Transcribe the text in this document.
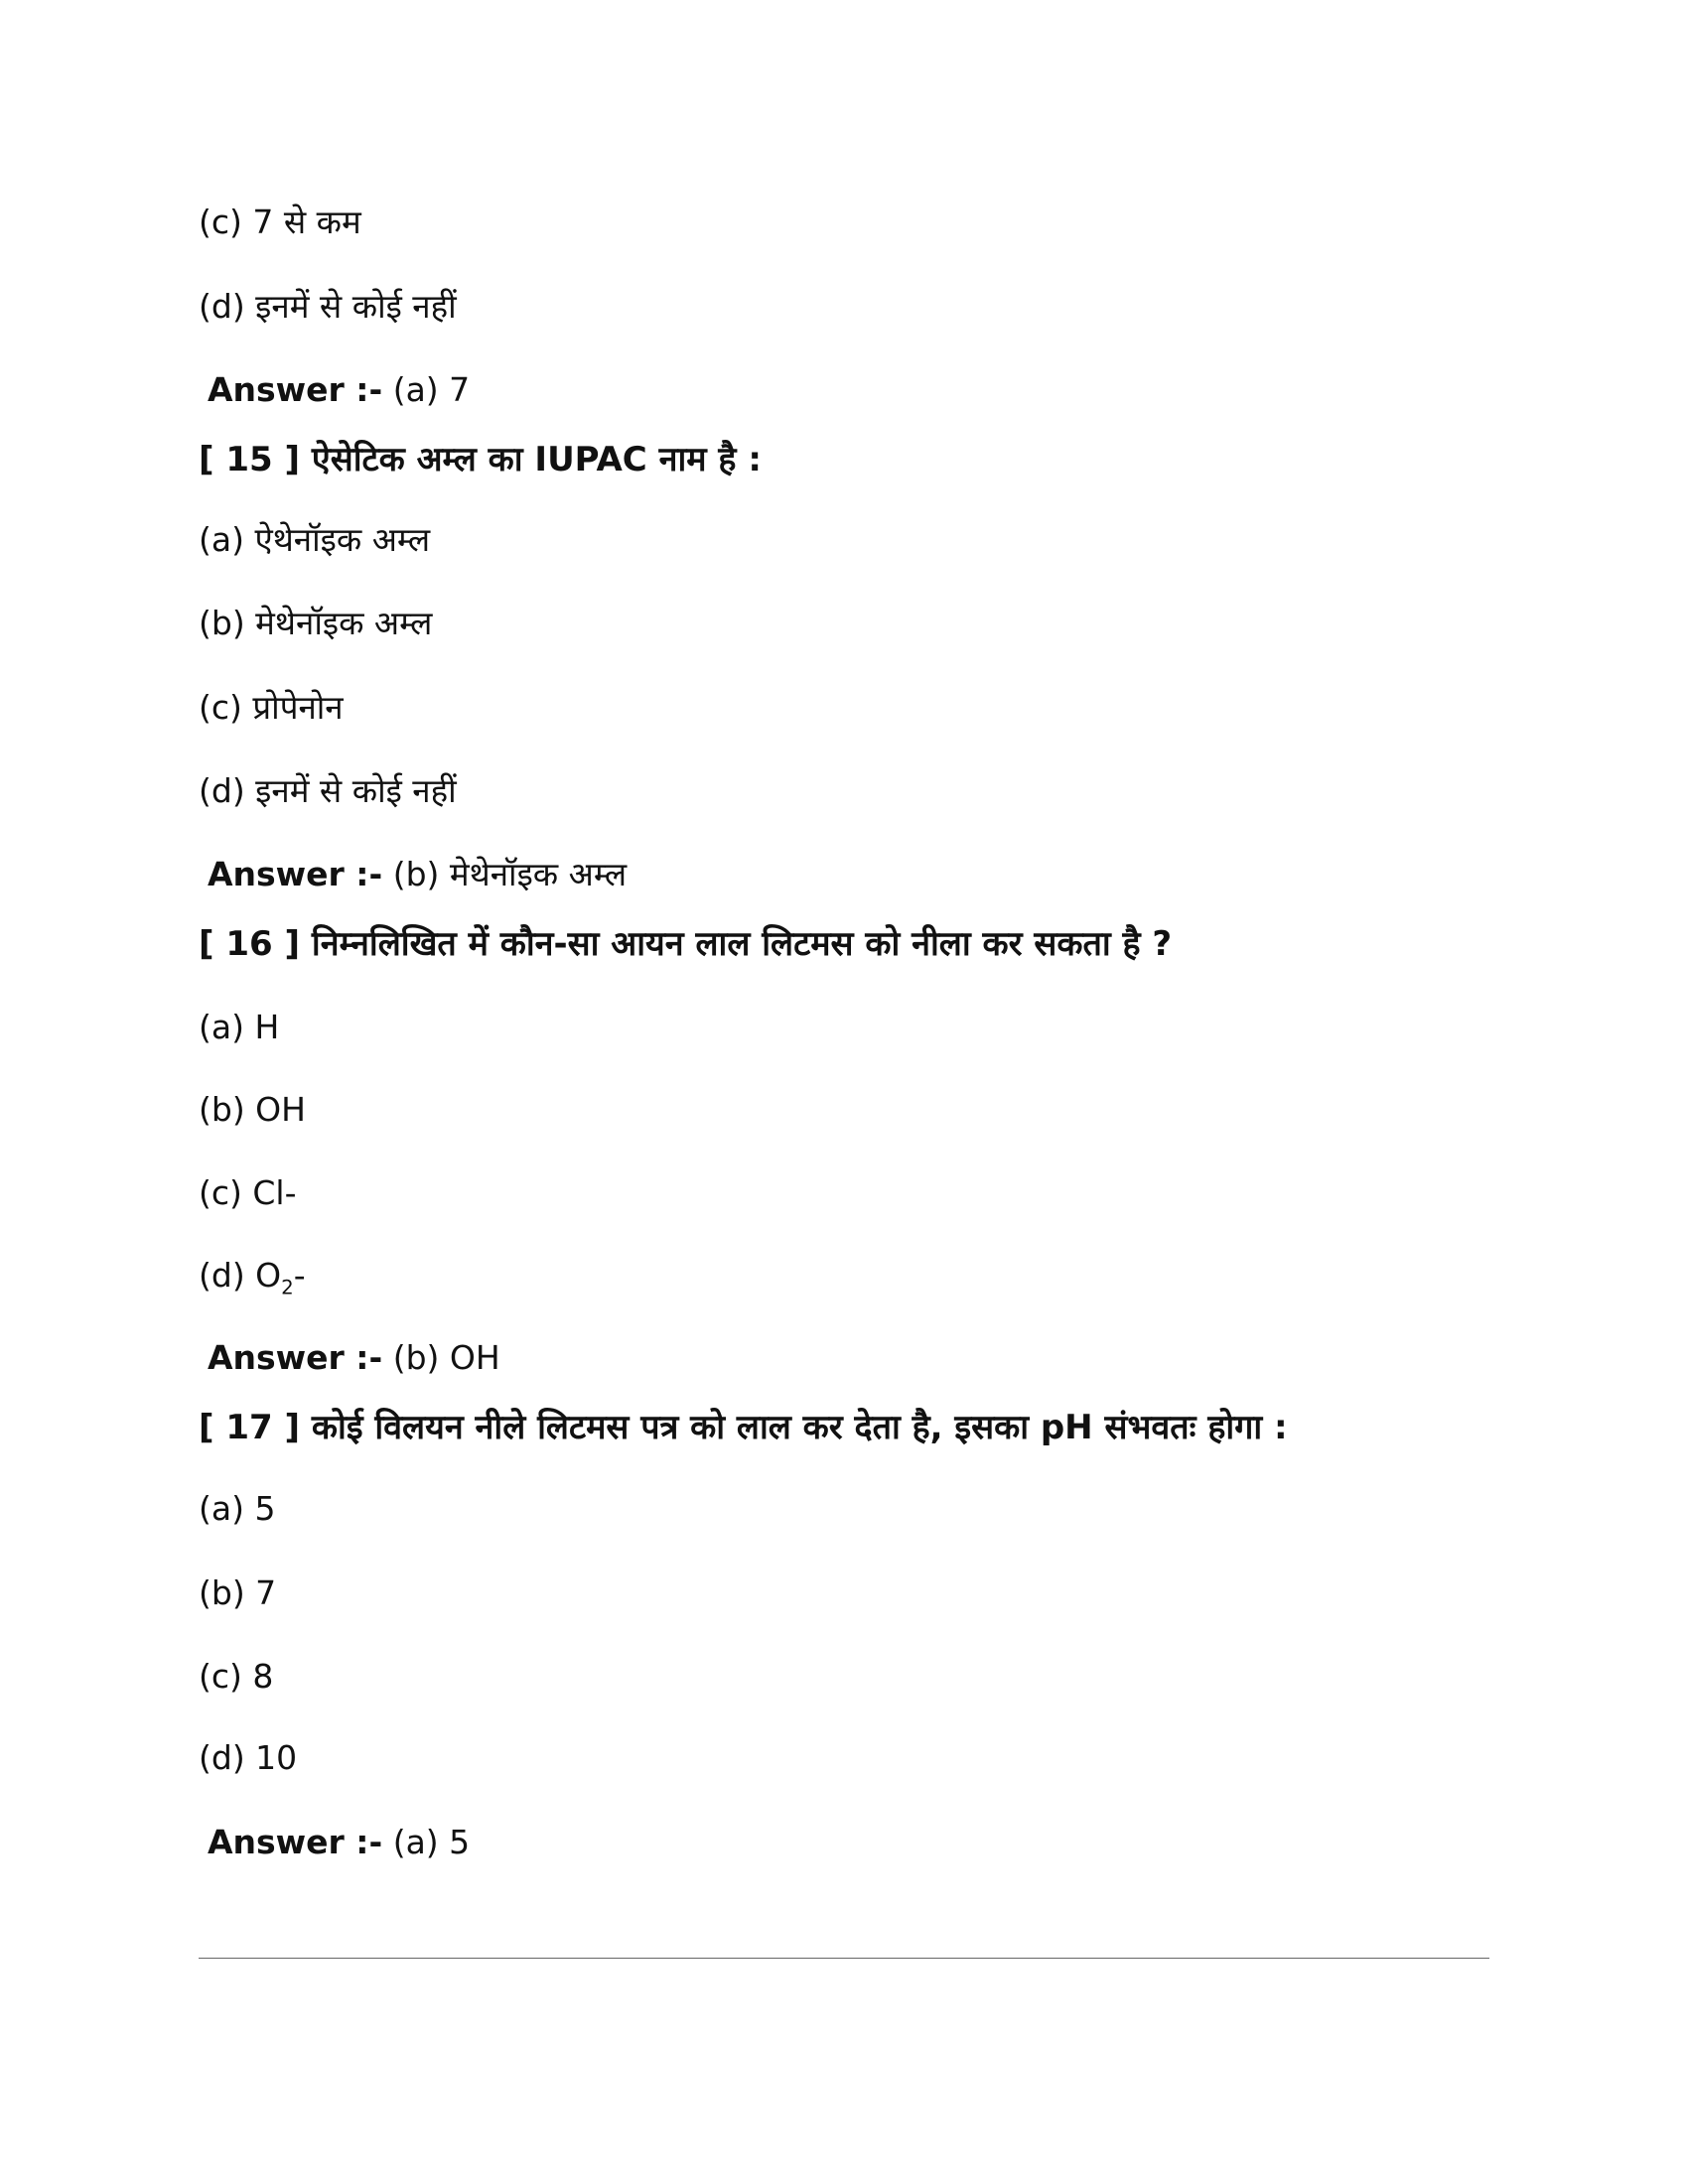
(c) 7 से कम
(d) इनमें से कोई नहीं
Answer :- (a) 7
[ 15 ] ऐसेटिक अम्ल का IUPAC नाम है :
(a) ऐथेनॉइक अम्ल
(b) मेथेनॉइक अम्ल
(c) प्रोपेनोन
(d) इनमें से कोई नहीं
Answer :- (b) मेथेनॉइक अम्ल
[ 16 ] निम्नलिखित में कौन-सा आयन लाल लिटमस को नीला कर सकता है ?
(a) H
(b) OH
(c) Cl-
(d) $O_2-$
Answer :- (b) OH
[ 17 ] कोई विलयन नीले लिटमस पत्र को लाल कर देता है, इसका pH संभवतः होगा :
(a) 5
(b) 7
(c) 8
(d) 10
Answer :- (a) 5
